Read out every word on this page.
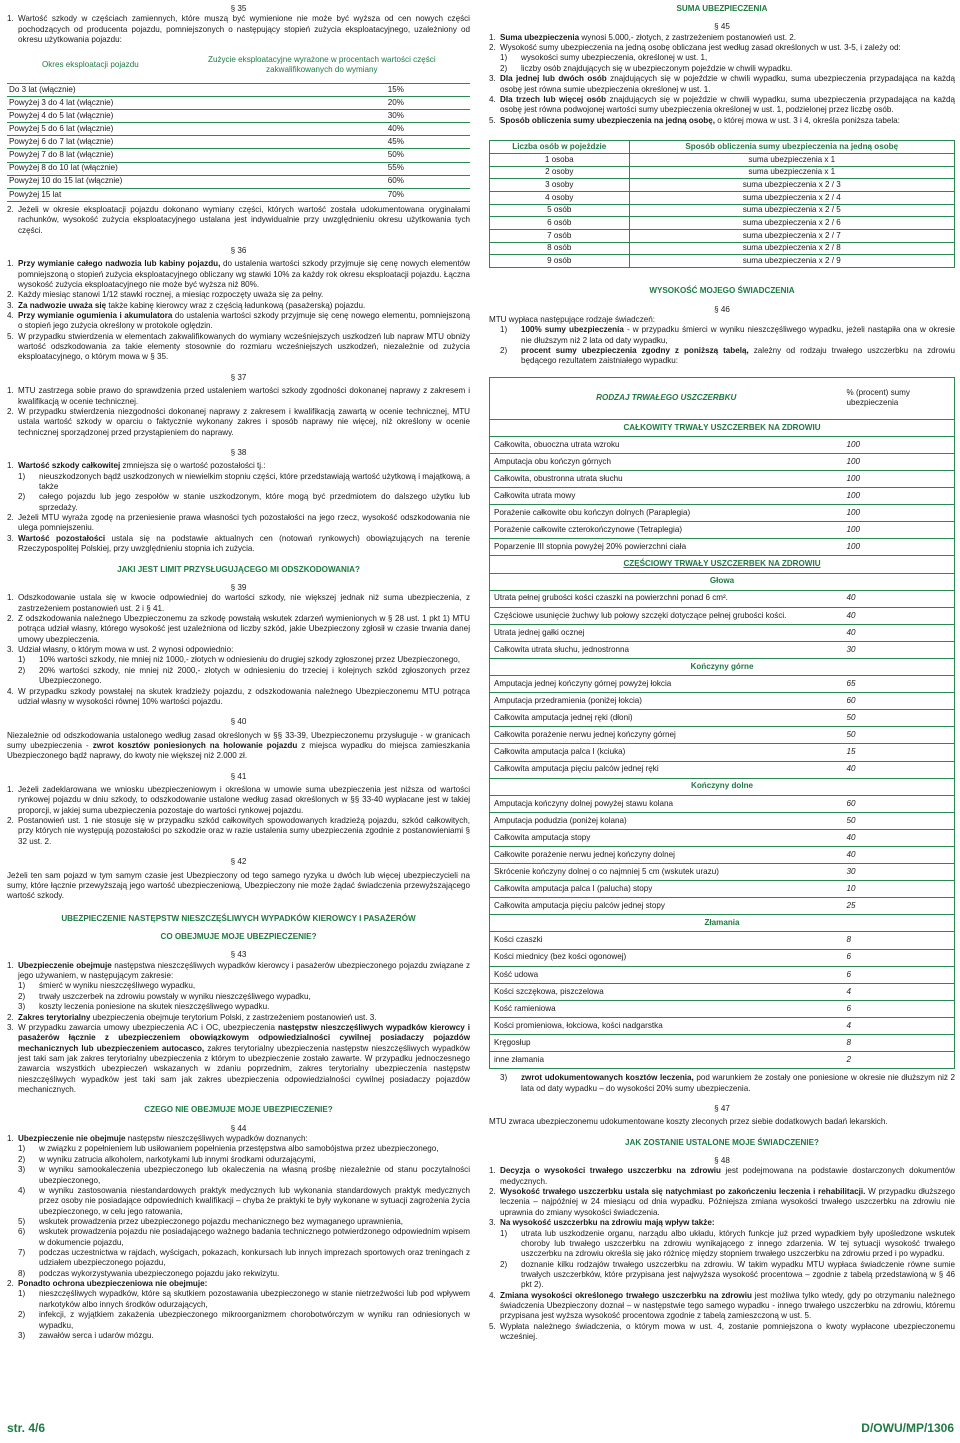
§ 35
1. Wartość szkody w częściach zamiennych, które muszą być wymienione nie może być wyższa od cen nowych części pochodzących od producenta pojazdu, pomniejszonych o następujący stopień zużycia eksploatacyjnego, uzależniony od okresu użytkowania pojazdu:
Okres eksploatacji pojazdu	Zużycie eksploatacyjne wyrażone w procentach wartości części zakwalifikowanych do wymiany
Do 3 lat (włącznie)	15%
Powyżej 3 do 4 lat (włącznie)	20%
Powyżej 4 do 5 lat (włącznie)	30%
Powyżej 5 do 6 lat (włącznie)	40%
Powyżej 6 do 7 lat (włącznie)	45%
Powyżej 7 do 8 lat (włącznie)	50%
Powyżej 8 do 10 lat (włącznie)	55%
Powyżej 10 do 15 lat (włącznie)	60%
Powyżej 15 lat	70%
2. Jeżeli w okresie eksploatacji pojazdu dokonano wymiany części, których wartość została udokumentowana oryginałami rachunków, wysokość zużycia eksploatacyjnego ustalana jest indywidualnie przy uwzględnieniu okresu użytkowania tych części.
§ 36
1. Przy wymianie całego nadwozia lub kabiny pojazdu, do ustalenia wartości szkody przyjmuje się cenę nowych elementów pomniejszoną o stopień zużycia eksploatacyjnego obliczany wg stawki 10% za każdy rok okresu eksploatacji pojazdu. Łączna wysokość zużycia eksploatacyjnego nie może być wyższa niż 80%.
2. Każdy miesiąc stanowi 1/12 stawki rocznej, a miesiąc rozpoczęty uważa się za pełny.
3. Za nadwozie uważa się także kabinę kierowcy wraz z częścią ładunkową (pasażerską) pojazdu.
4. Przy wymianie ogumienia i akumulatora do ustalenia wartości szkody przyjmuje się cenę nowego elementu, pomniejszoną o stopień jego zużycia określony w protokole oględzin.
5. W przypadku stwierdzenia w elementach zakwalifikowanych do wymiany wcześniejszych uszkodzeń lub napraw MTU obniży wartość odszkodowania za takie elementy stosownie do rozmiaru wcześniejszych uszkodzeń, niezależnie od zużycia eksploatacyjnego, o którym mowa w § 35.
§ 37
1. MTU zastrzega sobie prawo do sprawdzenia przed ustaleniem wartości szkody zgodności dokonanej naprawy z zakresem i kwalifikacją w ocenie technicznej.
2. W przypadku stwierdzenia niezgodności dokonanej naprawy z zakresem i kwalifikacją zawartą w ocenie technicznej, MTU ustala wartość szkody w oparciu o faktycznie wykonany zakres i sposób naprawy nie więcej, niż określony w ocenie technicznej sporządzonej przed przystąpieniem do naprawy.
§ 38
1. Wartość szkody całkowitej zmniejsza się o wartość pozostałości tj.:
1)	nieuszkodzonych bądź uszkodzonych w niewielkim stopniu części, które przedstawiają wartość użytkową i majątkową, a także
2)	całego pojazdu lub jego zespołów w stanie uszkodzonym, które mogą być przedmiotem do dalszego użytku lub sprzedaży.
2. Jeżeli MTU wyraża zgodę na przeniesienie prawa własności tych pozostałości na jego rzecz, wysokość odszkodowania nie ulega pomniejszeniu.
3. Wartość pozostałości ustala się na podstawie aktualnych cen (notowań rynkowych) obowiązujących na terenie Rzeczypospolitej Polskiej, przy uwzględnieniu stopnia ich zużycia.
JAKI JEST LIMIT PRZYSŁUGUJĄCEGO MI ODSZKODOWANIA?
§ 39
1. Odszkodowanie ustala się w kwocie odpowiedniej do wartości szkody, nie większej jednak niż suma ubezpieczenia, z zastrzeżeniem postanowień ust. 2 i § 41.
2. Z odszkodowania należnego Ubezpieczonemu za szkodę powstałą wskutek zdarzeń wymienionych w § 28 ust. 1 pkt 1) MTU potrąca udział własny, którego wysokość jest uzależniona od liczby szkód, jakie Ubezpieczony zgłosił w czasie trwania danej umowy ubezpieczenia.
3. Udział własny, o którym mowa w ust. 2 wynosi odpowiednio:
1)	10% wartości szkody, nie mniej niż 1000,- złotych w odniesieniu do drugiej szkody zgłoszonej przez Ubezpieczonego,
2)	20% wartości szkody, nie mniej niż 2000,- złotych w odniesieniu do trzeciej i kolejnych szkód zgłoszonych przez Ubezpieczonego.
4. W przypadku szkody powstałej na skutek kradzieży pojazdu, z odszkodowania należnego Ubezpieczonemu MTU potrąca udział własny w wysokości równej 10% wartości pojazdu.
§ 40
Niezależnie od odszkodowania ustalonego według zasad określonych w §§ 33-39, Ubezpieczonemu przysługuje - w granicach sumy ubezpieczenia - zwrot kosztów poniesionych na holowanie pojazdu z miejsca wypadku do miejsca zamieszkania Ubezpieczonego bądź naprawy, do kwoty nie większej niż 2.000 zł.
§ 41
1. Jeżeli zadeklarowana we wniosku ubezpieczeniowym i określona w umowie suma ubezpieczenia jest niższa od wartości rynkowej pojazdu w dniu szkody, to odszkodowanie ustalone według zasad określonych w §§ 33-40 wypłacane jest w takiej proporcji, w jakiej suma ubezpieczenia pozostaje do wartości rynkowej pojazdu.
2. Postanowień ust. 1 nie stosuje się w przypadku szkód całkowitych spowodowanych kradzieżą pojazdu, szkód całkowitych, przy których nie występują pozostałości po szkodzie oraz w razie ustalenia sumy ubezpieczenia zgodnie z postanowieniami § 32 ust. 2.
§ 42
Jeżeli ten sam pojazd w tym samym czasie jest Ubezpieczony od tego samego ryzyka u dwóch lub więcej ubezpieczycieli na sumy, które łącznie przewyższają jego wartość ubezpieczeniową, Ubezpieczony nie może żądać świadczenia przewyższającego wartość szkody.
UBEZPIECZENIE NASTĘPSTW NIESZCZĘŚLIWYCH WYPADKÓW KIEROWCY I PASAŻERÓW
CO OBEJMUJE MOJE UBEZPIECZENIE?
§ 43
1. Ubezpieczenie obejmuje następstwa nieszczęśliwych wypadków kierowcy i pasażerów ubezpieczonego pojazdu związane z jego używaniem, w następującym zakresie:
1)	śmierć w wyniku nieszczęśliwego wypadku,
2)	trwały uszczerbek na zdrowiu powstały w wyniku nieszczęśliwego wypadku,
3)	koszty leczenia poniesione na skutek nieszczęśliwego wypadku.
2. Zakres terytorialny ubezpieczenia obejmuje terytorium Polski, z zastrzeżeniem postanowień ust. 3.
3. W przypadku zawarcia umowy ubezpieczenia AC i OC, ubezpieczenia następstw nieszczęśliwych wypadków kierowcy i pasażerów łącznie z ubezpieczeniem obowiązkowym odpowiedzialności cywilnej posiadaczy pojazdów mechanicznych lub ubezpieczeniem autocasco, zakres terytorialny ubezpieczenia następstw nieszczęśliwych wypadków jest taki sam jak zakres terytorialny ubezpieczenia z którym to ubezpieczenie zostało zawarte. W przypadku jednoczesnego zawarcia wszystkich ubezpieczeń wskazanych w zdaniu poprzednim, zakres terytorialny ubezpieczenia następstw nieszczęśliwych wypadków jest taki sam jak zakres ubezpieczenia odpowiedzialności cywilnej posiadaczy pojazdów mechanicznych.
CZEGO NIE OBEJMUJE MOJE UBEZPIECZENIE?
§ 44
1. Ubezpieczenie nie obejmuje następstw nieszczęśliwych wypadków doznanych:
1)	w związku z popełnieniem lub usiłowaniem popełnienia przestępstwa albo samobójstwa przez ubezpieczonego,
2)	w wyniku zatrucia alkoholem, narkotykami lub innymi środkami odurzającymi,
3)	w wyniku samookaleczenia ubezpieczonego lub okaleczenia na własną prośbę niezależnie od stanu poczytalności ubezpieczonego,
4)	w wyniku zastosowania niestandardowych praktyk medycznych lub wykonania standardowych praktyk medycznych przez osoby nie posiadające odpowiednich kwalifikacji – chyba że praktyki te były wykonane w sytuacji zagrożenia życia ubezpieczonego, w celu jego ratowania,
5)	wskutek prowadzenia przez ubezpieczonego pojazdu mechanicznego bez wymaganego uprawnienia,
6)	wskutek prowadzenia pojazdu nie posiadającego ważnego badania technicznego potwierdzonego odpowiednim wpisem w dokumencie pojazdu,
7)	podczas uczestnictwa w rajdach, wyścigach, pokazach, konkursach lub innych imprezach sportowych oraz treningach z udziałem ubezpieczonego pojazdu,
8)	podczas wykorzystywania ubezpieczonego pojazdu jako rekwizytu.
2. Ponadto ochrona ubezpieczeniowa nie obejmuje:
1)	nieszczęśliwych wypadków, które są skutkiem pozostawania ubezpieczonego w stanie nietrzeźwości lub pod wpływem narkotyków albo innych środków odurzających,
2)	infekcji, z wyjątkiem zakażenia ubezpieczonego mikroorganizmem chorobotwórczym w wyniku ran odniesionych w wypadku,
3)	zawałów serca i udarów mózgu.
SUMA UBEZPIECZENIA
§ 45
1. Suma ubezpieczenia wynosi 5.000,- złotych, z zastrzeżeniem postanowień ust. 2.
2. Wysokość sumy ubezpieczenia na jedną osobę obliczana jest według zasad określonych w ust. 3-5, i zależy od:
1)	wysokości sumy ubezpieczenia, określonej w ust. 1,
2)	liczby osób znajdujących się w ubezpieczonym pojeździe w chwili wypadku.
3. Dla jednej lub dwóch osób znajdujących się w pojeździe w chwili wypadku, suma ubezpieczenia przypadająca na każdą osobę jest równa sumie ubezpieczenia określonej w ust. 1.
4. Dla trzech lub więcej osób znajdujących się w pojeździe w chwili wypadku, suma ubezpieczenia przypadająca na każdą osobę jest równa podwojonej wartości sumy ubezpieczenia określonej w ust. 1, podzielonej przez liczbę osób.
5. Sposób obliczenia sumy ubezpieczenia na jedną osobę, o której mowa w ust. 3 i 4, określa poniższa tabela:
Liczba osób w pojeździe	Sposób obliczenia sumy ubezpieczenia na jedną osobę
1 osoba	suma ubezpieczenia x 1
2 osoby	suma ubezpieczenia x 1
3 osoby	suma ubezpieczenia x 2 / 3
4 osoby	suma ubezpieczenia x 2 / 4
5 osób	suma ubezpieczenia x 2 / 5
6 osób	suma ubezpieczenia x 2 / 6
7 osób	suma ubezpieczenia x 2 / 7
8 osób	suma ubezpieczenia x 2 / 8
9 osób	suma ubezpieczenia x 2 / 9
WYSOKOŚĆ MOJEGO ŚWIADCZENIA
§ 46
MTU wypłaca następujące rodzaje świadczeń:
1)	100% sumy ubezpieczenia - w przypadku śmierci w wyniku nieszczęśliwego wypadku, jeżeli nastąpiła ona w okresie nie dłuższym niż 2 lata od daty wypadku,
2)	procent sumy ubezpieczenia zgodny z poniższą tabelą, zależny od rodzaju trwałego uszczerbku na zdrowiu będącego rezultatem zaistniałego wypadku:
RODZAJ TRWAŁEGO USZCZERBKU	% (procent) sumy ubezpieczenia
CAŁKOWITY TRWAŁY USZCZERBEK NA ZDROWIU	
Całkowita, obuoczna utrata wzroku	100
Amputacja obu kończyn górnych	100
Całkowita, obustronna utrata słuchu	100
Całkowita utrata mowy	100
Porażenie całkowite obu kończyn dolnych (Paraplegia)	100
Porażenie całkowite czterokończynowe (Tetraplegia)	100
Poparzenie III stopnia powyżej 20% powierzchni ciała	100
CZĘŚCIOWY TRWAŁY USZCZERBEK NA ZDROWIU	
Głowa	
Utrata pełnej grubości kości czaszki na powierzchni ponad 6 cm².	40
Częściowe usunięcie żuchwy lub połowy szczęki dotyczące pełnej grubości kości.	40
Utrata jednej gałki ocznej	40
Całkowita utrata słuchu, jednostronna	30
Kończyny górne	
Amputacja jednej kończyny górnej powyżej łokcia	65
Amputacja przedramienia (poniżej łokcia)	60
Całkowita amputacja jednej ręki (dłoni)	50
Całkowita porażenie nerwu jednej kończyny górnej	50
Całkowita amputacja palca I (kciuka)	15
Całkowita amputacja pięciu palców jednej ręki	40
Kończyny dolne	
Amputacja kończyny dolnej powyżej stawu kolana	60
Amputacja podudzia (poniżej kolana)	50
Całkowita amputacja stopy	40
Całkowite porażenie nerwu jednej kończyny dolnej	40
Skrócenie kończyny dolnej o co najmniej 5 cm (wskutek urazu)	30
Całkowita amputacja palca I (palucha) stopy	10
Całkowita amputacja pięciu palców jednej stopy	25
Złamania	
Kości czaszki	8
Kości miednicy (bez kości ogonowej)	6
Kość udowa	6
Kości szczękowa, piszczelowa	4
Kość ramieniowa	6
Kości promieniowa, łokciowa, kości nadgarstka	4
Kręgosłup	8
inne złamania	2
3)	zwrot udokumentowanych kosztów leczenia, pod warunkiem że zostały one poniesione w okresie nie dłuższym niż 2 lata od daty wypadku – do wysokości 20% sumy ubezpieczenia.
§ 47
MTU zwraca ubezpieczonemu udokumentowane koszty zleconych przez siebie dodatkowych badań lekarskich.
JAK ZOSTANIE USTALONE MOJE ŚWIADCZENIE?
§ 48
1. Decyzja o wysokości trwałego uszczerbku na zdrowiu jest podejmowana na podstawie dostarczonych dokumentów medycznych.
2. Wysokość trwałego uszczerbku ustala się natychmiast po zakończeniu leczenia i rehabilitacji. W przypadku dłuższego leczenia – najpóźniej w 24 miesiącu od dnia wypadku. Późniejsza zmiana wysokości trwałego uszczerbku na zdrowiu nie uprawnia do zmiany wysokości świadczenia.
3. Na wysokość uszczerbku na zdrowiu mają wpływ także:
1)	utrata lub uszkodzenie organu, narządu albo układu, których funkcje już przed wypadkiem były upośledzone wskutek choroby lub trwałego uszczerbku na zdrowiu wynikającego z innego zdarzenia. W tej sytuacji wysokość trwałego uszczerbku na zdrowiu określa się jako różnicę między stopniem trwałego uszczerbku na zdrowiu przed i po wypadku.
2)	doznanie kilku rodzajów trwałego uszczerbku na zdrowiu. W takim wypadku MTU wypłaca świadczenie równe sumie trwałych uszczerbków, które przypisana jest najwyższa wysokość procentowa – zgodnie z tabelą przedstawioną w § 46 pkt 2).
4. Zmiana wysokości określonego trwałego uszczerbku na zdrowiu jest możliwa tylko wtedy, gdy po otrzymaniu należnego świadczenia Ubezpieczony doznał – w następstwie tego samego wypadku - innego trwałego uszczerbku na zdrowiu, któremu przypisana jest wyższa wysokość procentowa zgodnie z tabelą zamieszczoną w ust. 5.
5. Wypłata należnego świadczenia, o którym mowa w ust. 4, zostanie pomniejszona o kwoty wypłacone ubezpieczonemu wcześniej.
str. 4/6	D/OWU/MP/1306
